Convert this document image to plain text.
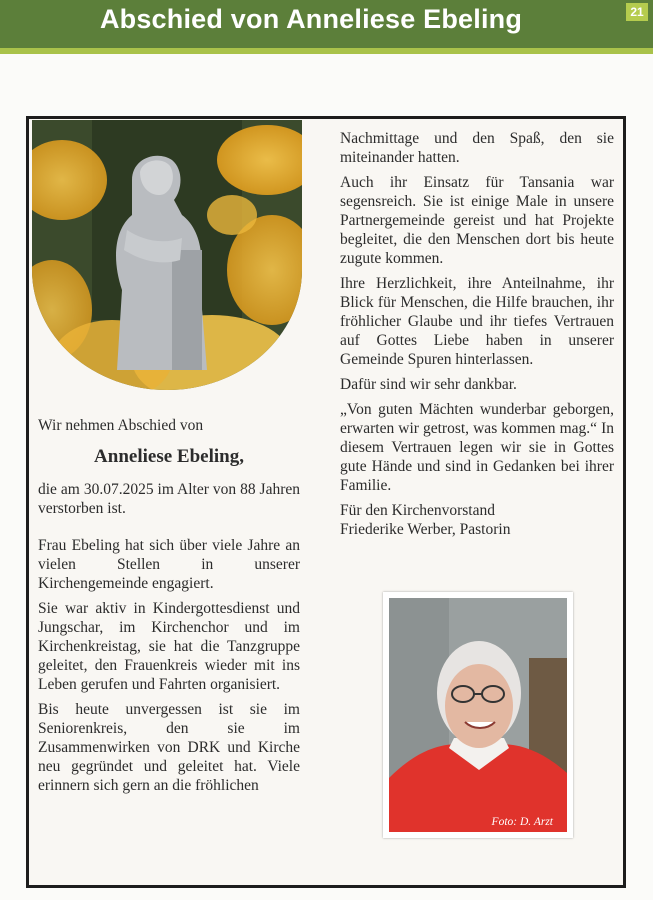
Abschied von Anneliese Ebeling	21

Wir nehmen Abschied von

Anneliese Ebeling,

die am 30.07.2025 im Alter von 88 Jahren verstorben ist.

Frau Ebeling hat sich über viele Jahre an vielen Stellen in unserer Kirchengemeinde engagiert.

Sie war aktiv in Kindergottesdienst und Jungschar, im Kirchenchor und im Kirchenkreistag, sie hat die Tanzgruppe geleitet, den Frauenkreis wieder mit ins Leben gerufen und Fahrten organisiert.

Bis heute unvergessen ist sie im Seniorenkreis, den sie im Zusammenwirken von DRK und Kirche neu gegründet und geleitet hat. Viele erinnern sich gern an die fröhlichen

Nachmittage und den Spaß, den sie miteinander hatten.

Auch ihr Einsatz für Tansania war segensreich. Sie ist einige Male in unsere Partnergemeinde gereist und hat Projekte begleitet, die den Menschen dort bis heute zugute kommen.

Ihre Herzlichkeit, ihre Anteilnahme, ihr Blick für Menschen, die Hilfe brauchen, ihr fröhlicher Glaube und ihr tiefes Vertrauen auf Gottes Liebe haben in unserer Gemeinde Spuren hinterlassen.

Dafür sind wir sehr dankbar.

„Von guten Mächten wunderbar geborgen, erwarten wir getrost, was kommen mag.“ In diesem Vertrauen legen wir sie in Gottes gute Hände und sind in Gedanken bei ihrer Familie.

Für den Kirchenvorstand
Friederike Werber, Pastorin

Foto: D. Arzt
